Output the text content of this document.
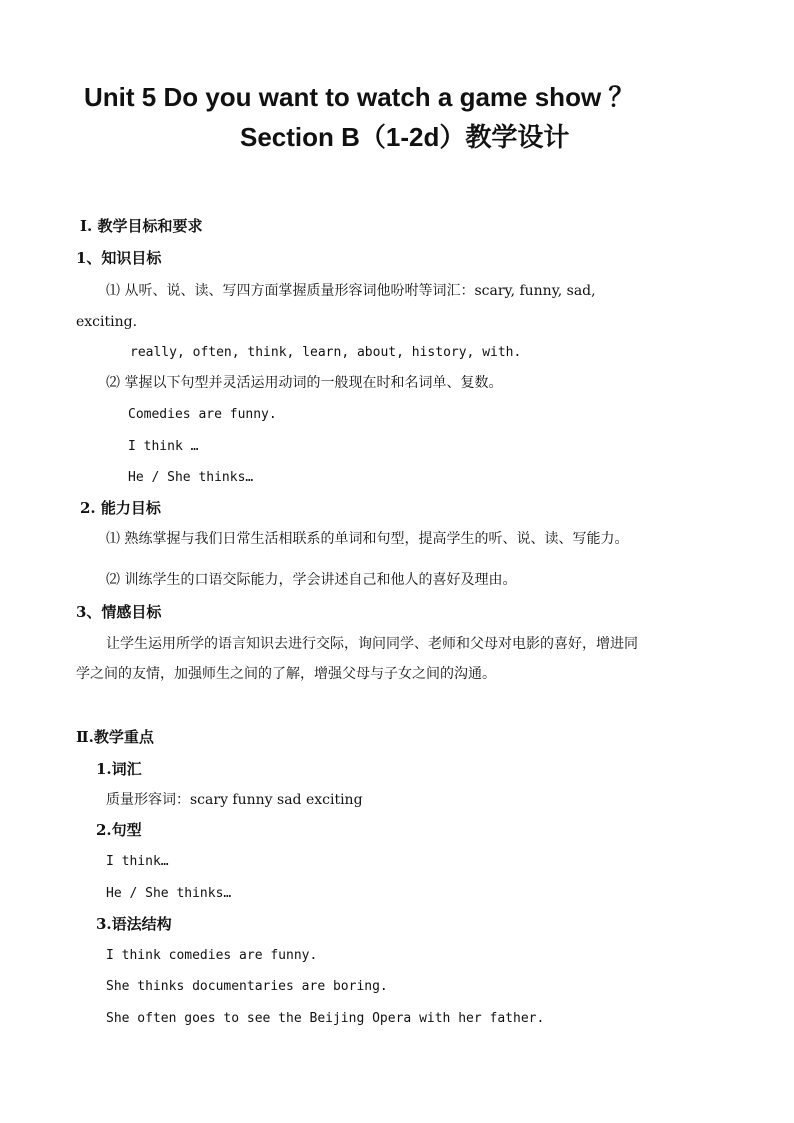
Unit 5 Do you want to watch a game show ？
Section B（1-2d）教学设计
Ⅰ. 教学目标和要求
1、知识目标
⑴ 从听、说、读、写四方面掌握质量形容词他吩咐等词汇：scary, funny, sad,
exciting.
really, often, think, learn, about, history, with.
⑵ 掌握以下句型并灵活运用动词的一般现在时和名词单、复数。
Comedies are funny.
I think …
He / She thinks…
2. 能力目标
⑴ 熟练掌握与我们日常生活相联系的单词和句型，提高学生的听、说、读、写能力。
⑵ 训练学生的口语交际能力，学会讲述自己和他人的喜好及理由。
3、情感目标
让学生运用所学的语言知识去进行交际，询问同学、老师和父母对电影的喜好，增进同
学之间的友情，加强师生之间的了解，增强父母与子女之间的沟通。
Ⅱ.教学重点
1.词汇
质量形容词：scary funny sad exciting
2.句型
I think…
He / She thinks…
3.语法结构
I think comedies are funny.
She thinks documentaries are boring.
She often goes to see the Beijing Opera with her father.
